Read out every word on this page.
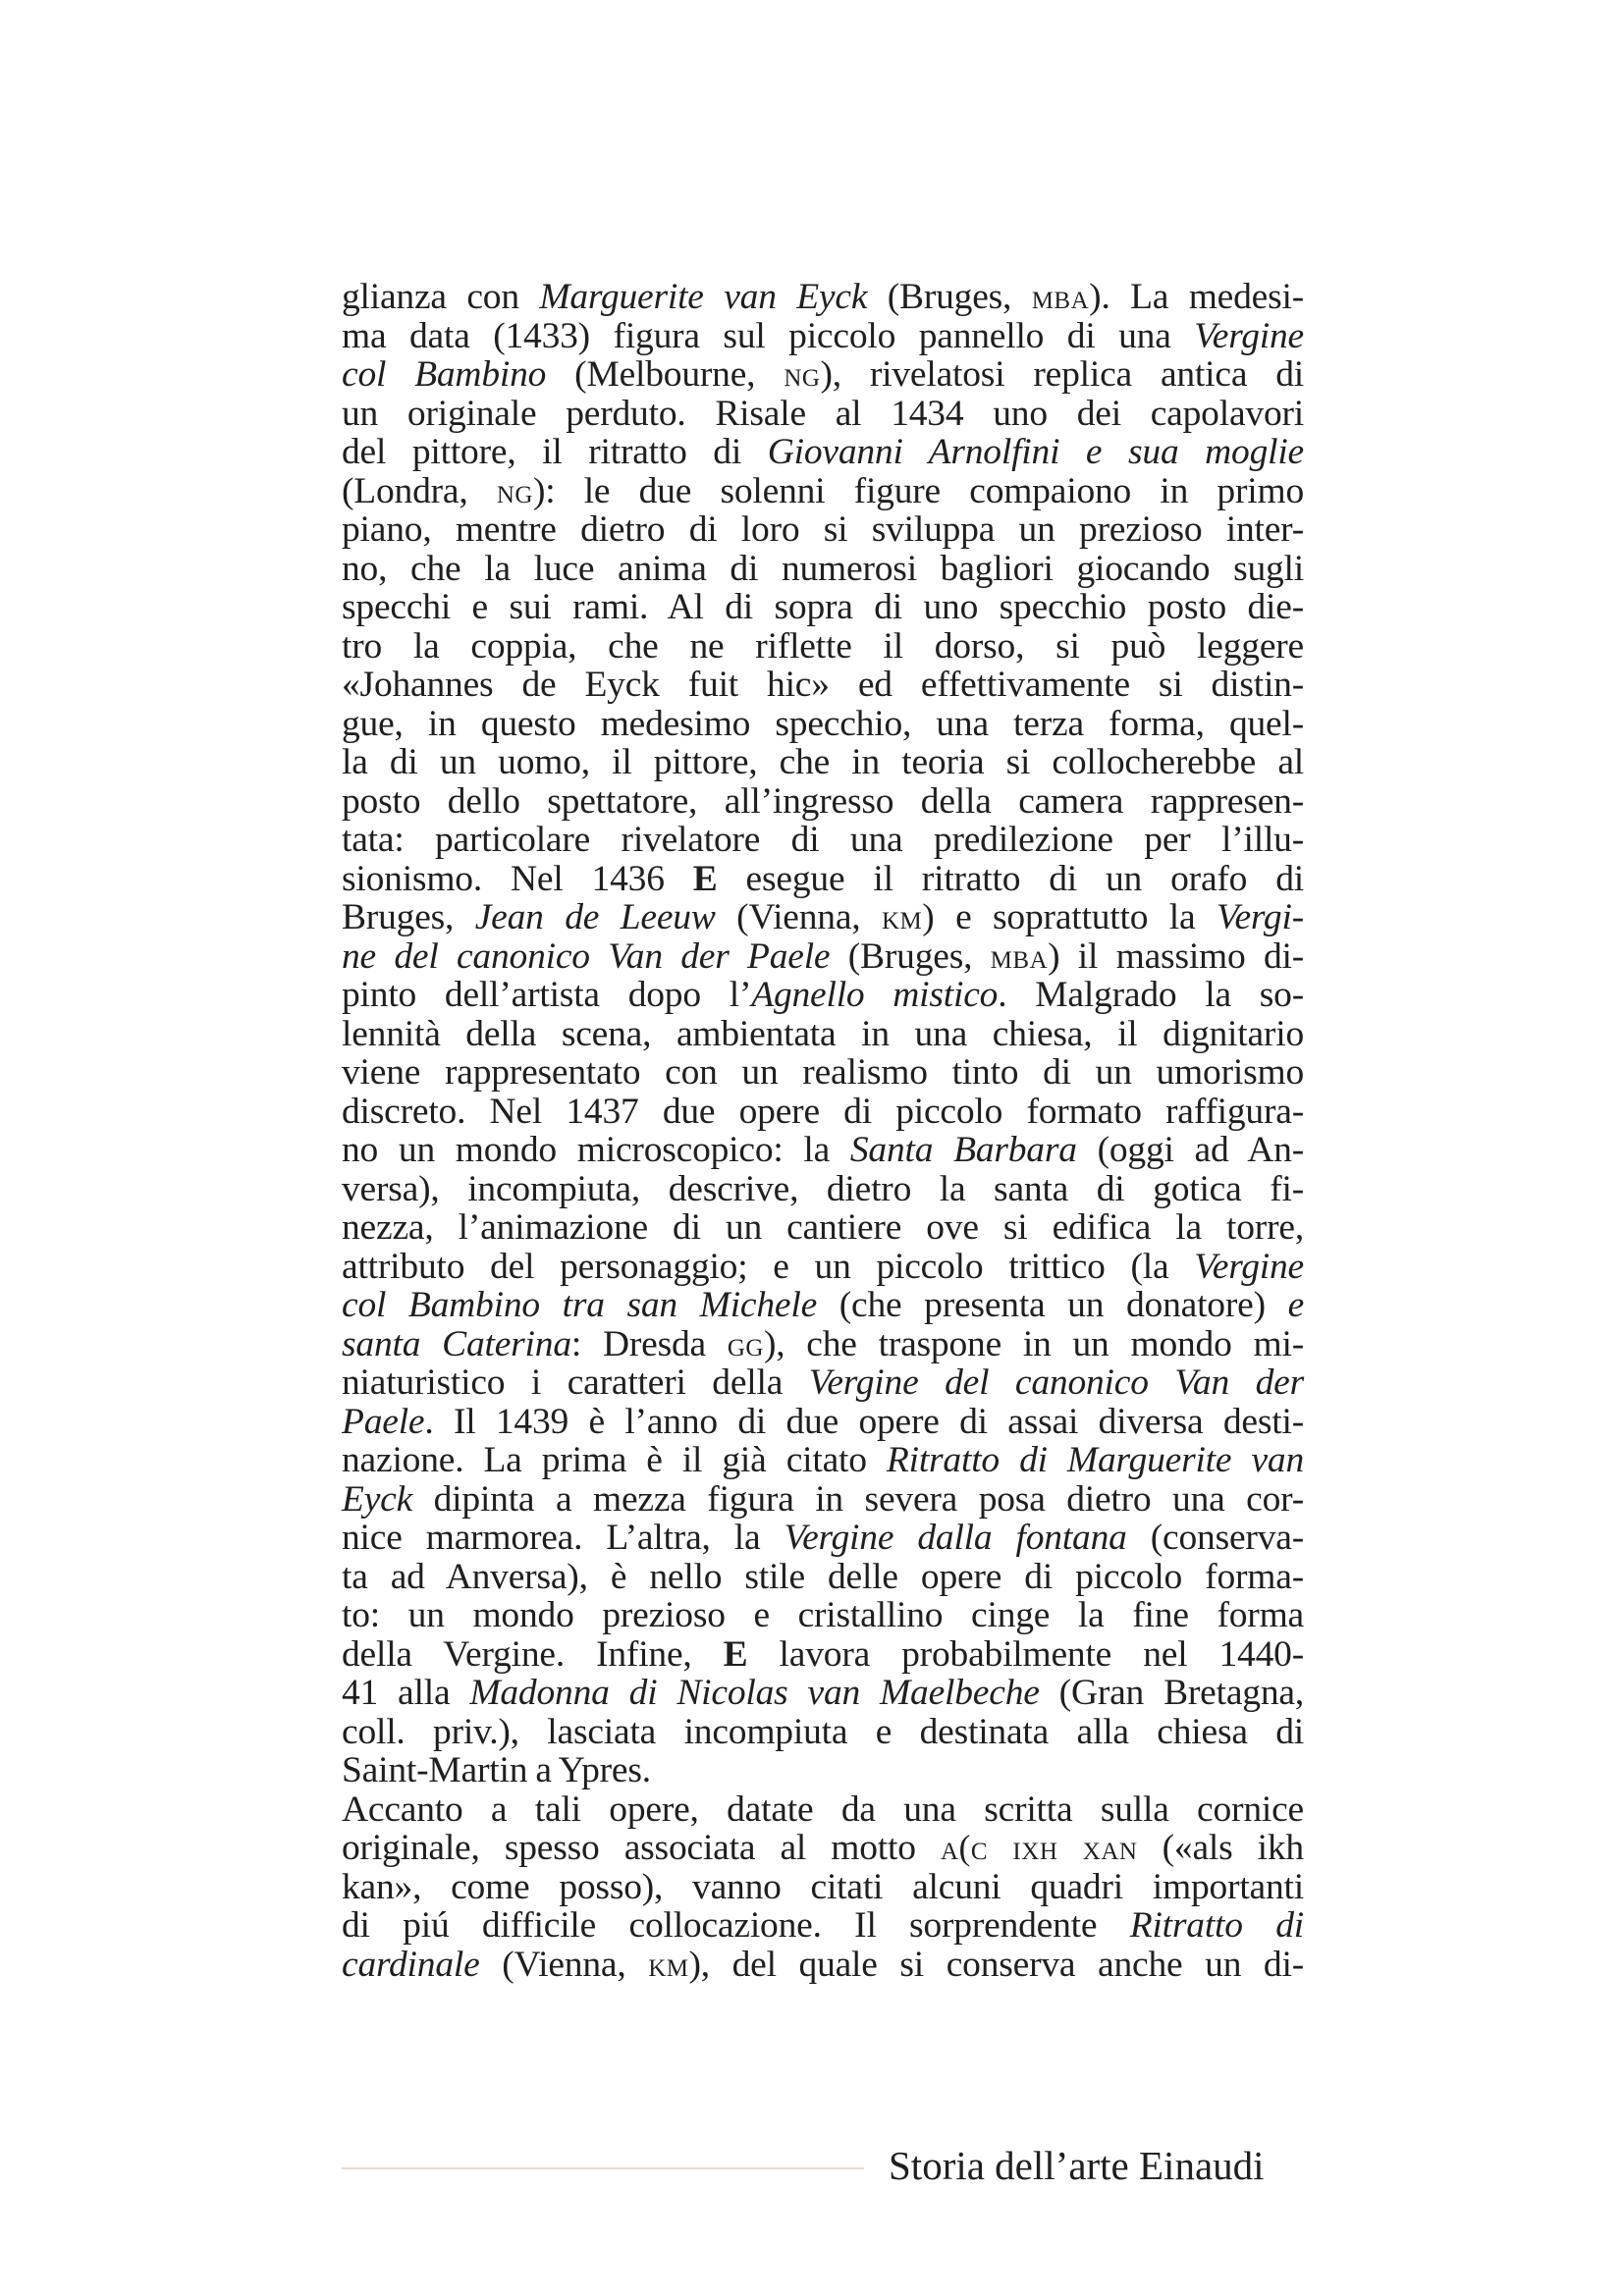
glianza con Marguerite van Eyck (Bruges, mba). La medesi-
ma data (1433) figura sul piccolo pannello di una Vergine
col Bambino (Melbourne, ng), rivelatosi replica antica di
un originale perduto. Risale al 1434 uno dei capolavori
del pittore, il ritratto di Giovanni Arnolfini e sua moglie
(Londra, ng): le due solenni figure compaiono in primo
piano, mentre dietro di loro si sviluppa un prezioso inter-
no, che la luce anima di numerosi bagliori giocando sugli
specchi e sui rami. Al di sopra di uno specchio posto die-
tro la coppia, che ne riflette il dorso, si può leggere
«Johannes de Eyck fuit hic» ed effettivamente si distin-
gue, in questo medesimo specchio, una terza forma, quel-
la di un uomo, il pittore, che in teoria si collocherebbe al
posto dello spettatore, all’ingresso della camera rappresen-
tata: particolare rivelatore di una predilezione per l’illu-
sionismo. Nel 1436 E esegue il ritratto di un orafo di
Bruges, Jean de Leeuw (Vienna, km) e soprattutto la Vergi-
ne del canonico Van der Paele (Bruges, mba) il massimo di-
pinto dell’artista dopo l’Agnello mistico. Malgrado la so-
lennità della scena, ambientata in una chiesa, il dignitario
viene rappresentato con un realismo tinto di un umorismo
discreto. Nel 1437 due opere di piccolo formato raffigura-
no un mondo microscopico: la Santa Barbara (oggi ad An-
versa), incompiuta, descrive, dietro la santa di gotica fi-
nezza, l’animazione di un cantiere ove si edifica la torre,
attributo del personaggio; e un piccolo trittico (la Vergine
col Bambino tra san Michele (che presenta un donatore) e
santa Caterina: Dresda gg), che traspone in un mondo mi-
niaturistico i caratteri della Vergine del canonico Van der
Paele. Il 1439 è l’anno di due opere di assai diversa desti-
nazione. La prima è il già citato Ritratto di Marguerite van
Eyck dipinta a mezza figura in severa posa dietro una cor-
nice marmorea. L’altra, la Vergine dalla fontana (conserva-
ta ad Anversa), è nello stile delle opere di piccolo forma-
to: un mondo prezioso e cristallino cinge la fine forma
della Vergine. Infine, E lavora probabilmente nel 1440-
41 alla Madonna di Nicolas van Maelbeche (Gran Bretagna,
coll. priv.), lasciata incompiuta e destinata alla chiesa di
Saint-Martin a Ypres.
Accanto a tali opere, datate da una scritta sulla cornice
originale, spesso associata al motto a(c ixh xan («als ikh
kan», come posso), vanno citati alcuni quadri importanti
di piú difficile collocazione. Il sorprendente Ritratto di
cardinale (Vienna, km), del quale si conserva anche un di-
Storia dell’arte Einaudi
